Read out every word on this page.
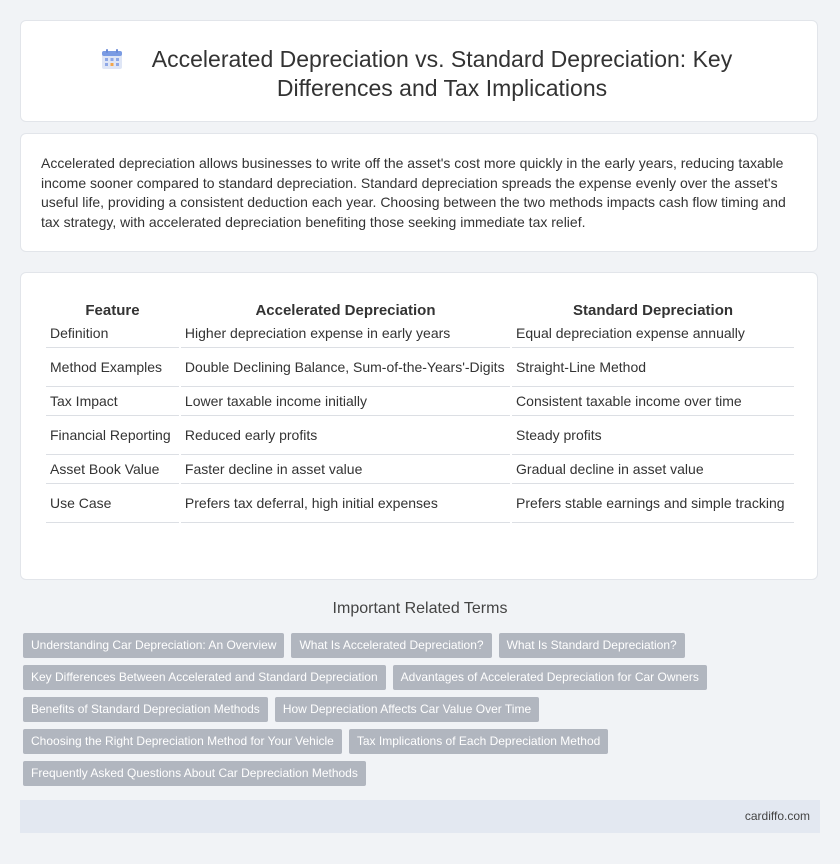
Accelerated Depreciation vs. Standard Depreciation: Key Differences and Tax Implications

Accelerated depreciation allows businesses to write off the asset's cost more quickly in the early years, reducing taxable income sooner compared to standard depreciation. Standard depreciation spreads the expense evenly over the asset's useful life, providing a consistent deduction each year. Choosing between the two methods impacts cash flow timing and tax strategy, with accelerated depreciation benefiting those seeking immediate tax relief.

Feature	Accelerated Depreciation	Standard Depreciation
Definition	Higher depreciation expense in early years	Equal depreciation expense annually
Method Examples	Double Declining Balance, Sum-of-the-Years'-Digits	Straight-Line Method
Tax Impact	Lower taxable income initially	Consistent taxable income over time
Financial Reporting	Reduced early profits	Steady profits
Asset Book Value	Faster decline in asset value	Gradual decline in asset value
Use Case	Prefers tax deferral, high initial expenses	Prefers stable earnings and simple tracking
Important Related Terms
Understanding Car Depreciation: An Overview	What Is Accelerated Depreciation?	What Is Standard Depreciation?
Key Differences Between Accelerated and Standard Depreciation	Advantages of Accelerated Depreciation for Car Owners
Benefits of Standard Depreciation Methods	How Depreciation Affects Car Value Over Time
Choosing the Right Depreciation Method for Your Vehicle	Tax Implications of Each Depreciation Method
Frequently Asked Questions About Car Depreciation Methods
cardiffo.com
